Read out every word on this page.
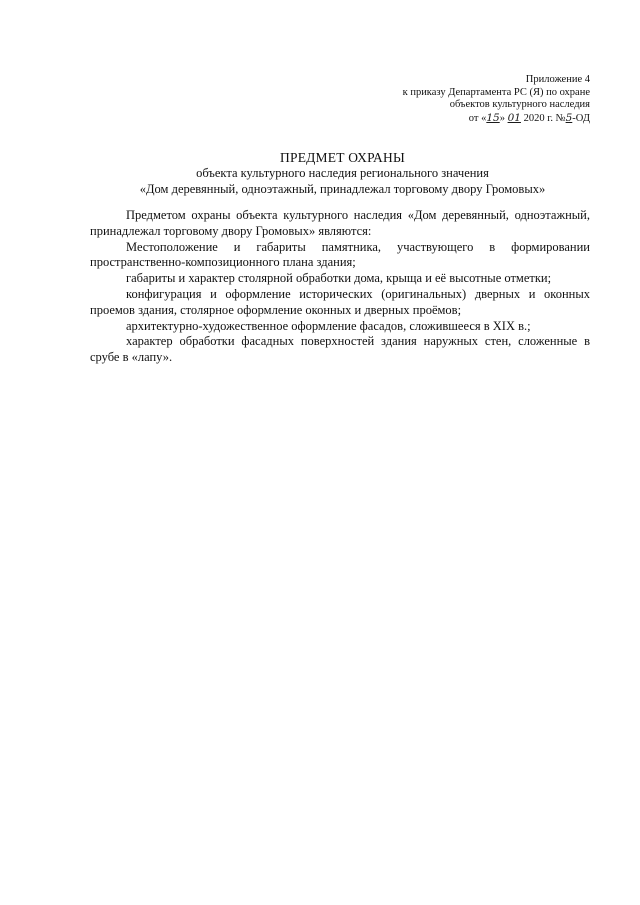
Приложение 4
к приказу Департамента РС (Я) по охране
объектов культурного наследия
от «15» 01 2020 г. №5-ОД
ПРЕДМЕТ ОХРАНЫ
объекта культурного наследия регионального значения
«Дом деревянный, одноэтажный, принадлежал торговому двору Громовых»

Предметом охраны объекта культурного наследия «Дом деревянный, одноэтажный, принадлежал торговому двору Громовых» являются:

Местоположение и габариты памятника, участвующего в формировании пространственно-композиционного плана здания;

габариты и характер столярной обработки дома, крыща и её высотные отметки;

конфигурация и оформление исторических (оригинальных) дверных и оконных проемов здания, столярное оформление оконных и дверных проёмов;

архитектурно-художественное оформление фасадов, сложившееся в XIX в.;

характер обработки фасадных поверхностей здания наружных стен, сложенные в срубе в «лапу».
